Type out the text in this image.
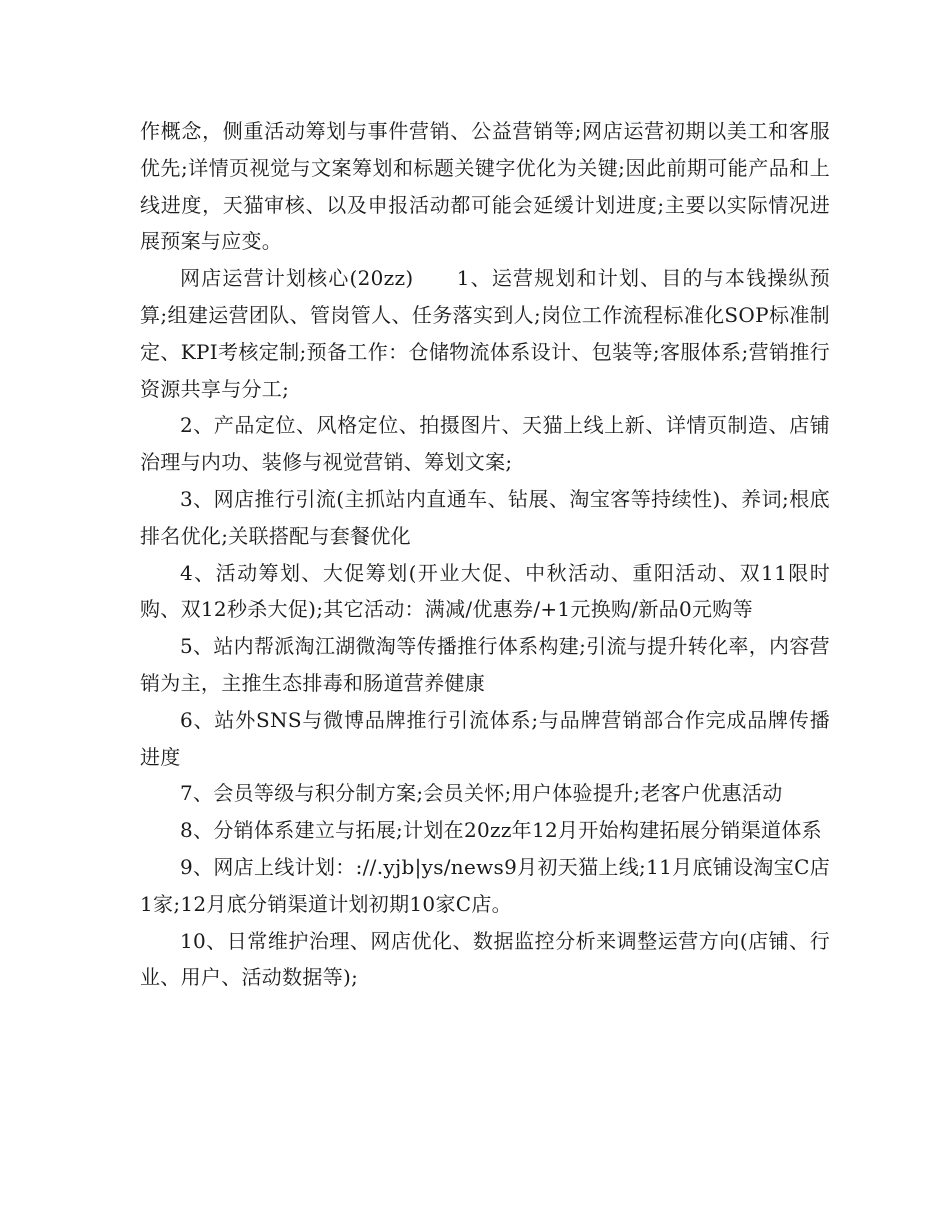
作概念，侧重活动筹划与事件营销、公益营销等;网店运营初期以美工和客服优先;详情页视觉与文案筹划和标题关键字优化为关键;因此前期可能产品和上线进度，天猫审核、以及申报活动都可能会延缓计划进度;主要以实际情况进展预案与应变。

网店运营计划核心(20zz)　　1、运营规划和计划、目的与本钱操纵预算;组建运营团队、管岗管人、任务落实到人;岗位工作流程标准化SOP标准制定、KPI考核定制;预备工作：仓储物流体系设计、包装等;客服体系;营销推行资源共享与分工;

2、产品定位、风格定位、拍摄图片、天猫上线上新、详情页制造、店铺治理与内功、装修与视觉营销、筹划文案;

3、网店推行引流(主抓站内直通车、钻展、淘宝客等持续性)、养词;根底排名优化;关联搭配与套餐优化

4、活动筹划、大促筹划(开业大促、中秋活动、重阳活动、双11限时购、双12秒杀大促);其它活动：满减/优惠券/+1元换购/新品0元购等

5、站内帮派淘江湖微淘等传播推行体系构建;引流与提升转化率，内容营销为主，主推生态排毒和肠道营养健康

6、站外SNS与微博品牌推行引流体系;与品牌营销部合作完成品牌传播进度

7、会员等级与积分制方案;会员关怀;用户体验提升;老客户优惠活动

8、分销体系建立与拓展;计划在20zz年12月开始构建拓展分销渠道体系

9、网店上线计划：://.yjb|ys/news9月初天猫上线;11月底铺设淘宝C店1家;12月底分销渠道计划初期10家C店。

10、日常维护治理、网店优化、数据监控分析来调整运营方向(店铺、行业、用户、活动数据等);
